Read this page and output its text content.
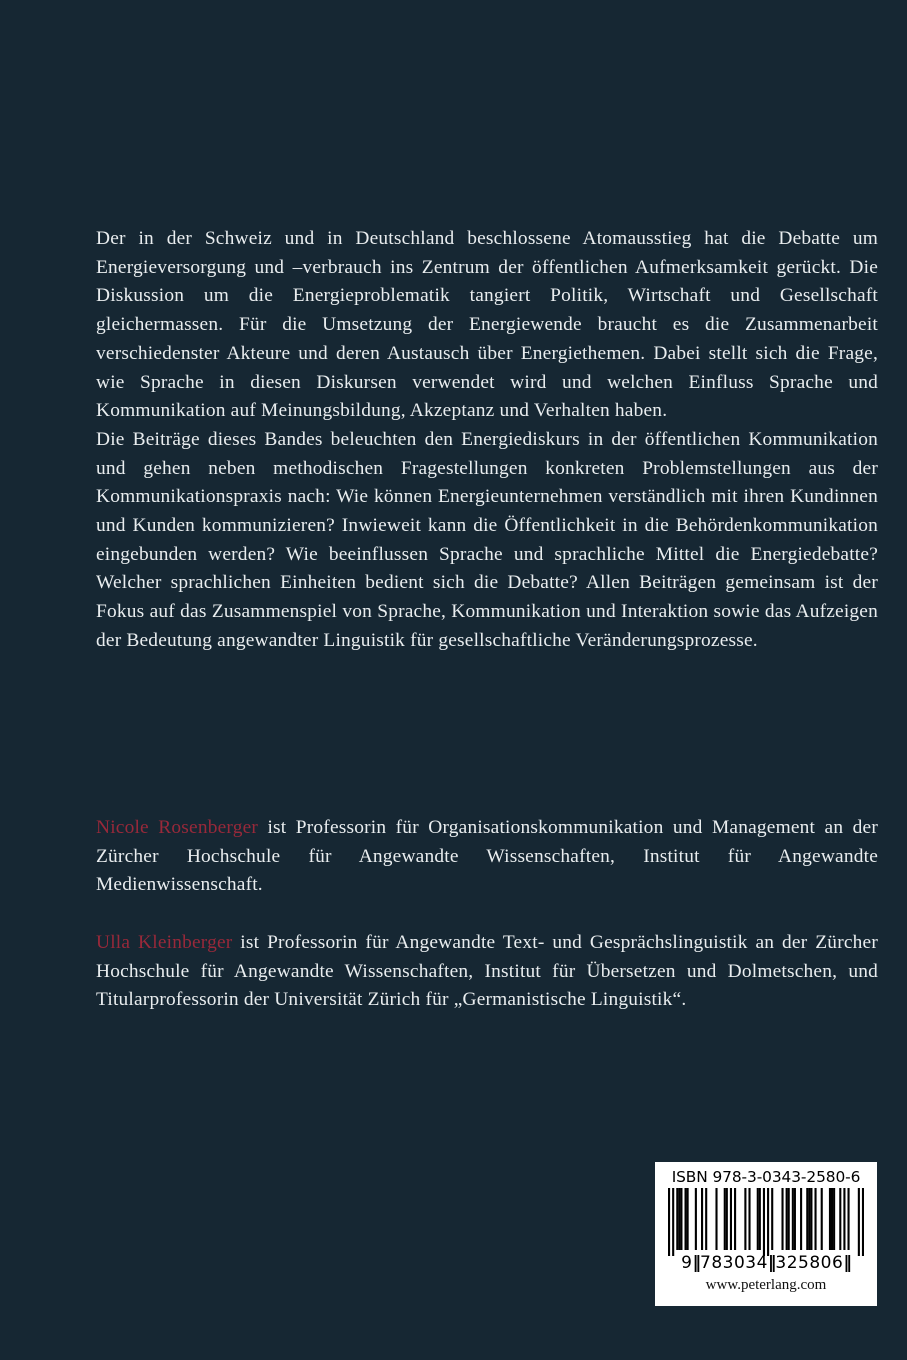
Der in der Schweiz und in Deutschland beschlossene Atomausstieg hat die Debatte um Energieversorgung und –verbrauch ins Zentrum der öffentlichen Aufmerksamkeit gerückt. Die Diskussion um die Energieproblematik tangiert Politik, Wirtschaft und Gesellschaft gleichermassen. Für die Umsetzung der Energiewende braucht es die Zusammenarbeit verschiedenster Akteure und deren Austausch über Energiethemen. Dabei stellt sich die Frage, wie Sprache in diesen Diskursen verwendet wird und welchen Einfluss Sprache und Kommunikation auf Meinungsbildung, Akzeptanz und Verhalten haben.

Die Beiträge dieses Bandes beleuchten den Energiediskurs in der öffentlichen Kommunikation und gehen neben methodischen Fragestellungen konkreten Problemstellungen aus der Kommunikationspraxis nach: Wie können Energieunternehmen verständlich mit ihren Kundinnen und Kunden kommunizieren? Inwieweit kann die Öffentlichkeit in die Behördenkommunikation eingebunden werden? Wie beeinflussen Sprache und sprachliche Mittel die Energiedebatte? Welcher sprachlichen Einheiten bedient sich die Debatte? Allen Beiträgen gemeinsam ist der Fokus auf das Zusammenspiel von Sprache, Kommunikation und Interaktion sowie das Aufzeigen der Bedeutung angewandter Linguistik für gesellschaftliche Veränderungsprozesse.

Nicole Rosenberger ist Professorin für Organisationskommunikation und Management an der Zürcher Hochschule für Angewandte Wissenschaften, Institut für Angewandte Medienwissenschaft.

Ulla Kleinberger ist Professorin für Angewandte Text- und Gesprächslinguistik an der Zürcher Hochschule für Angewandte Wissenschaften, Institut für Übersetzen und Dolmetschen, und Titularprofessorin der Universität Zürich für „Germanistische Linguistik“.

ISBN 978-3-0343-2580-6
9‖783034‖325806‖
www.peterlang.com
